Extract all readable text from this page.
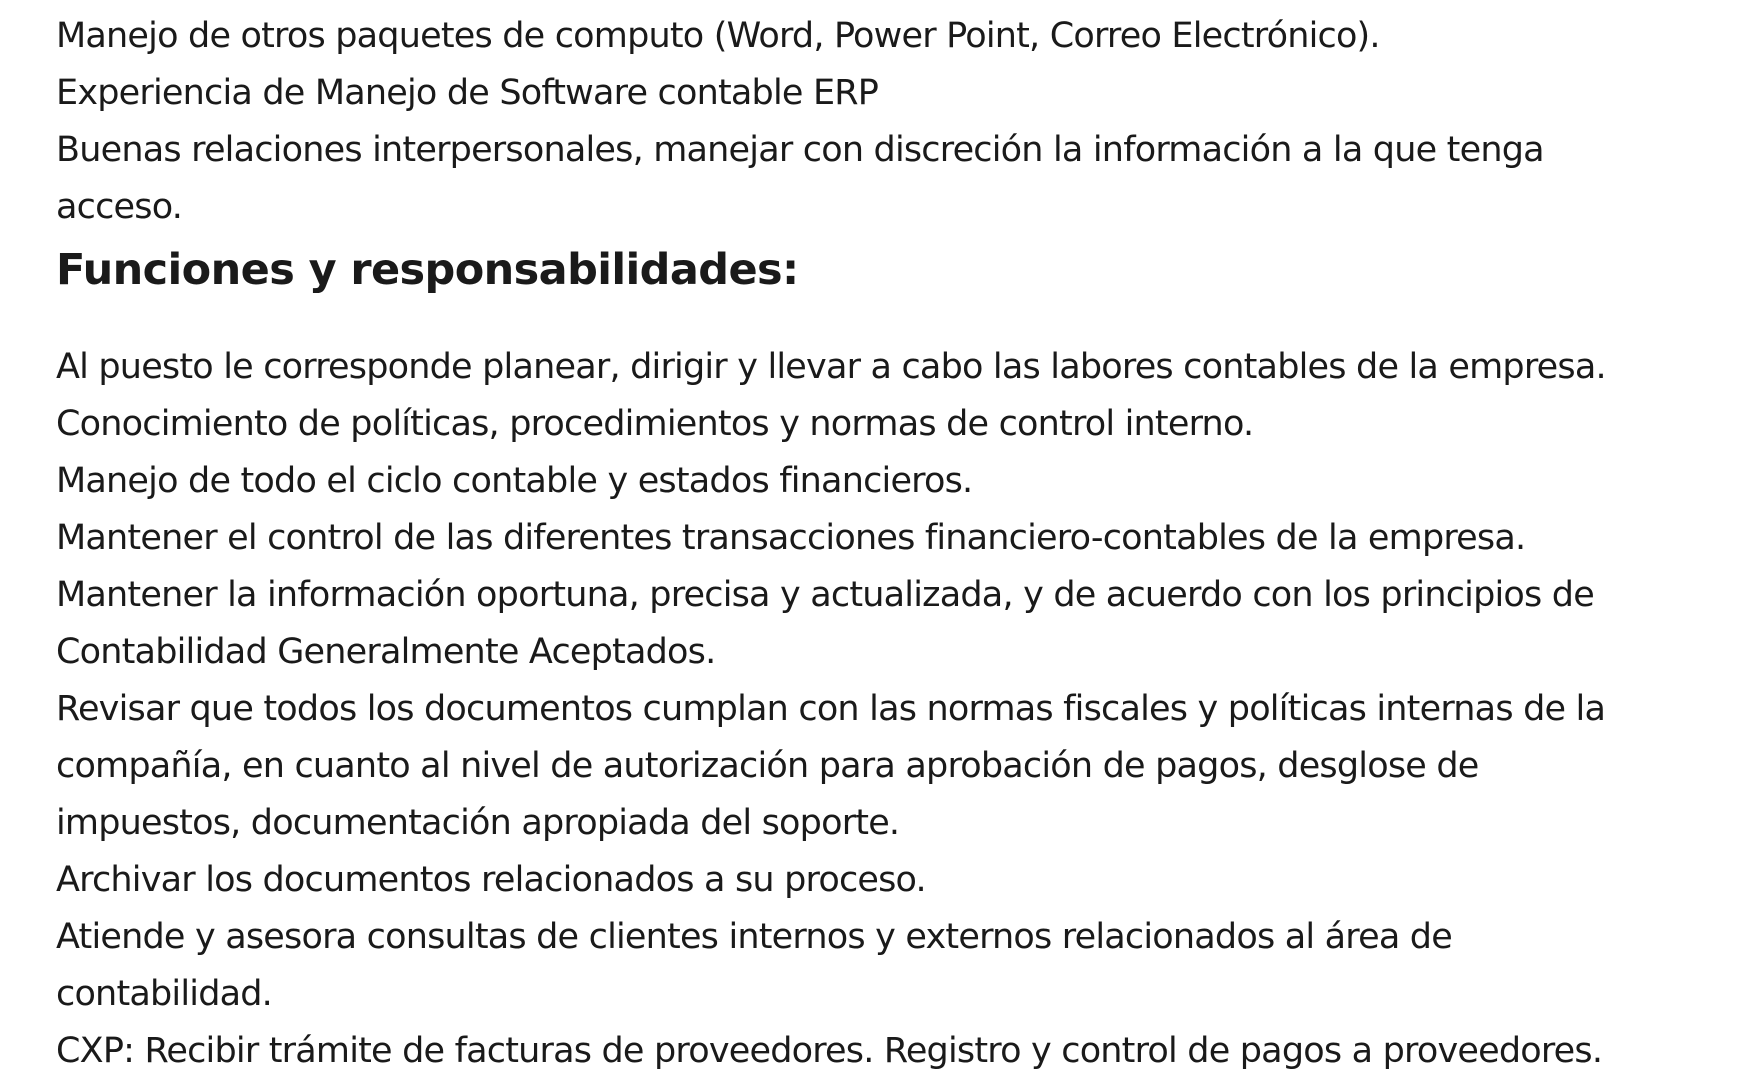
Manejo de otros paquetes de computo (Word, Power Point, Correo Electrónico).
Experiencia de Manejo de Software contable ERP
Buenas relaciones interpersonales, manejar con discreción la información a la que tenga
acceso.
Funciones y responsabilidades:
Al puesto le corresponde planear, dirigir y llevar a cabo las labores contables de la empresa.
Conocimiento de políticas, procedimientos y normas de control interno.
Manejo de todo el ciclo contable y estados financieros.
Mantener el control de las diferentes transacciones financiero-contables de la empresa.
Mantener la información oportuna, precisa y actualizada, y de acuerdo con los principios de
Contabilidad Generalmente Aceptados.
Revisar que todos los documentos cumplan con las normas fiscales y políticas internas de la
compañía, en cuanto al nivel de autorización para aprobación de pagos, desglose de
impuestos, documentación apropiada del soporte.
Archivar los documentos relacionados a su proceso.
Atiende y asesora consultas de clientes internos y externos relacionados al área de
contabilidad.
CXP: Recibir trámite de facturas de proveedores. Registro y control de pagos a proveedores.
